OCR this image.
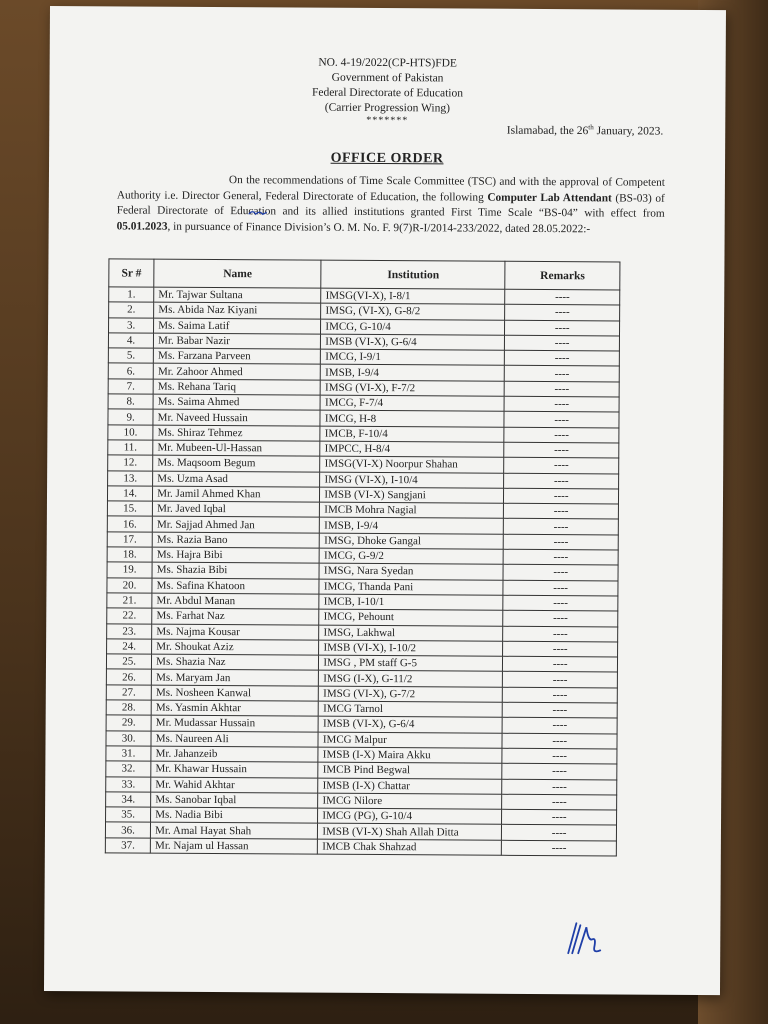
NO. 4-19/2022(CP-HTS)FDE
Government of Pakistan
Federal Directorate of Education
(Carrier Progression Wing)
*******
Islamabad, the 26th January, 2023.
OFFICE ORDER
On the recommendations of Time Scale Committee (TSC) and with the approval of Competent Authority i.e. Director General, Federal Directorate of Education, the following Computer Lab Attendant (BS-03) of Federal Directorate of Education and its allied institutions granted First Time Scale “BS-04” with effect from 05.01.2023, in pursuance of Finance Division’s O. M. No. F. 9(7)R-I/2014-233/2022, dated 28.05.2022:-
Sr #	Name	Institution	Remarks
1.	Mr. Tajwar Sultana	IMSG(VI-X), I-8/1	----
2.	Ms. Abida Naz Kiyani	IMSG, (VI-X), G-8/2	----
3.	Ms. Saima Latif	IMCG, G-10/4	----
4.	Mr. Babar Nazir	IMSB (VI-X), G-6/4	----
5.	Ms. Farzana Parveen	IMCG, I-9/1	----
6.	Mr. Zahoor Ahmed	IMSB, I-9/4	----
7.	Ms. Rehana Tariq	IMSG (VI-X), F-7/2	----
8.	Ms. Saima Ahmed	IMCG, F-7/4	----
9.	Mr. Naveed Hussain	IMCG, H-8	----
10.	Ms. Shiraz Tehmez	IMCB, F-10/4	----
11.	Mr. Mubeen-Ul-Hassan	IMPCC, H-8/4	----
12.	Ms. Maqsoom Begum	IMSG(VI-X) Noorpur Shahan	----
13.	Ms. Uzma Asad	IMSG (VI-X), I-10/4	----
14.	Mr. Jamil Ahmed Khan	IMSB (VI-X) Sangjani	----
15.	Mr. Javed Iqbal	IMCB Mohra Nagial	----
16.	Mr. Sajjad Ahmed Jan	IMSB, I-9/4	----
17.	Ms. Razia Bano	IMSG, Dhoke Gangal	----
18.	Ms. Hajra Bibi	IMCG, G-9/2	----
19.	Ms. Shazia Bibi	IMSG, Nara Syedan	----
20.	Ms. Safina Khatoon	IMCG, Thanda Pani	----
21.	Mr. Abdul Manan	IMCB, I-10/1	----
22.	Ms. Farhat Naz	IMCG, Pehount	----
23.	Ms. Najma Kousar	IMSG, Lakhwal	----
24.	Mr. Shoukat Aziz	IMSB (VI-X), I-10/2	----
25.	Ms. Shazia Naz	IMSG , PM staff G-5	----
26.	Ms. Maryam Jan	IMSG (I-X), G-11/2	----
27.	Ms. Nosheen Kanwal	IMSG (VI-X), G-7/2	----
28.	Ms. Yasmin Akhtar	IMCG Tarnol	----
29.	Mr. Mudassar Hussain	IMSB (VI-X), G-6/4	----
30.	Ms. Naureen Ali	IMCG Malpur	----
31.	Mr. Jahanzeib	IMSB (I-X) Maira Akku	----
32.	Mr. Khawar Hussain	IMCB Pind Begwal	----
33.	Mr. Wahid Akhtar	IMSB (I-X) Chattar	----
34.	Ms. Sanobar Iqbal	IMCG Nilore	----
35.	Ms. Nadia Bibi	IMCG (PG), G-10/4	----
36.	Mr. Amal Hayat Shah	IMSB (VI-X) Shah Allah Ditta	----
37.	Mr. Najam ul Hassan	IMCB Chak Shahzad	----
